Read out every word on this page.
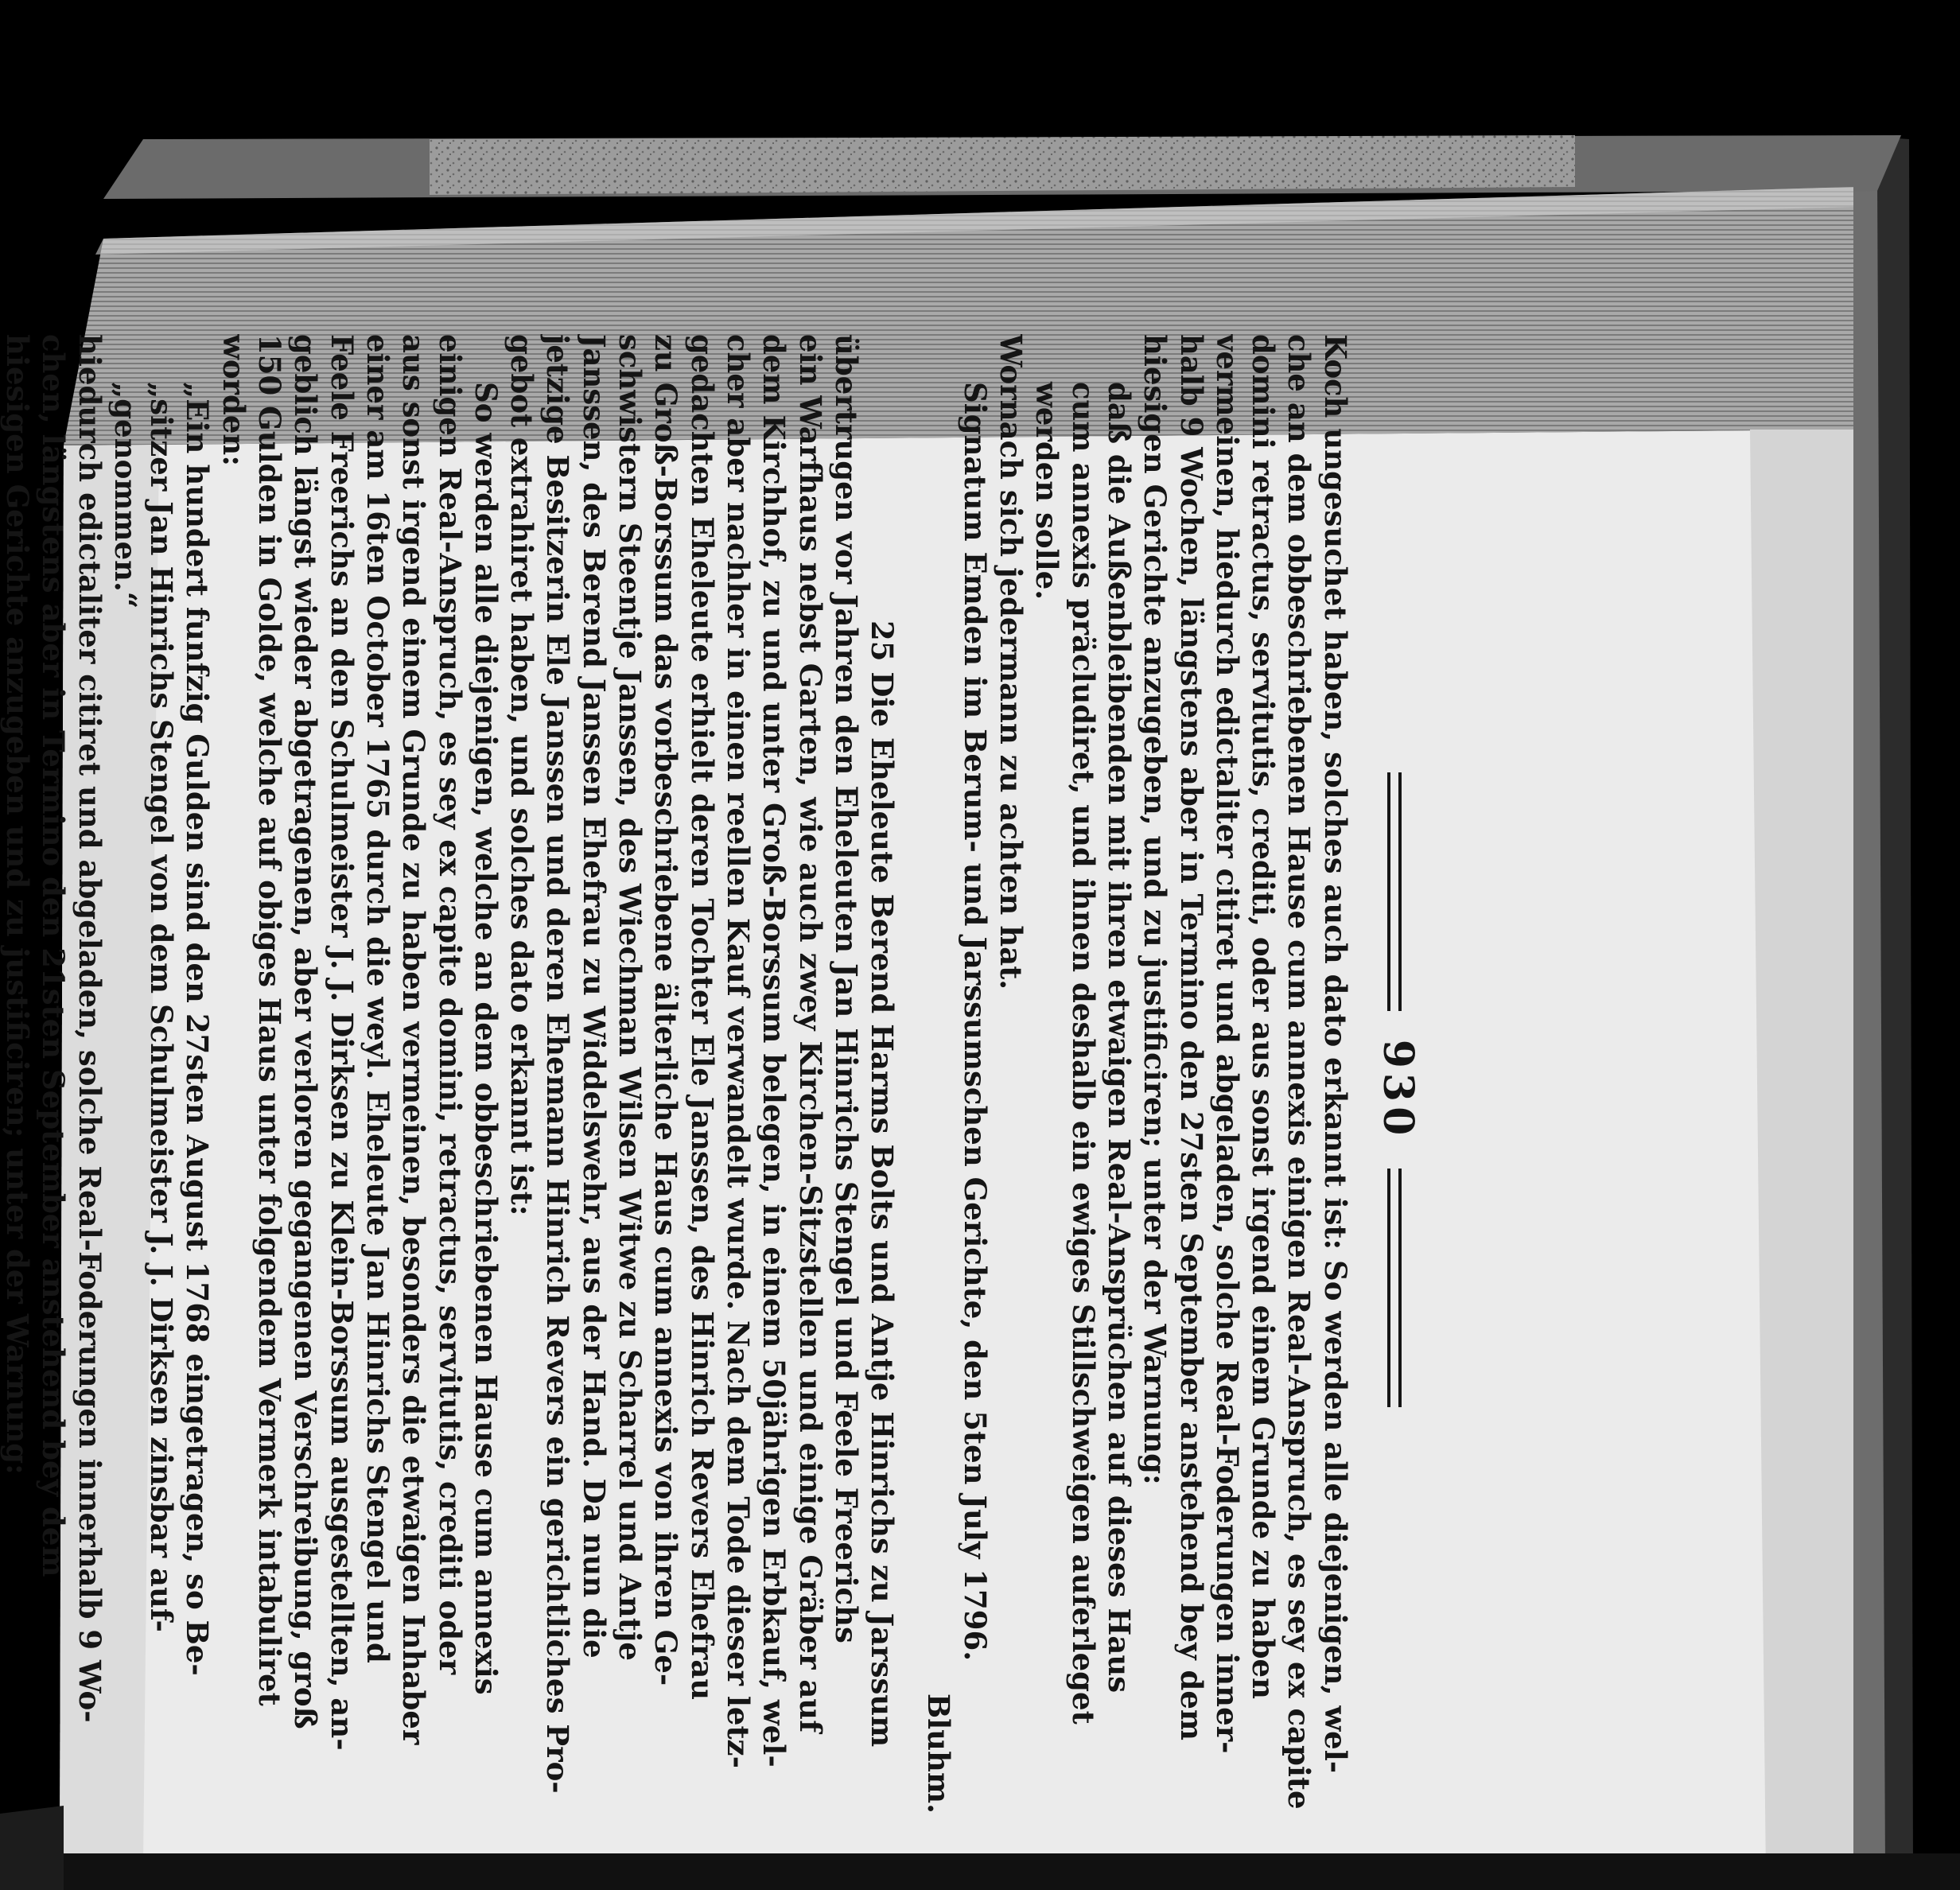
930
Koch ungesuchet haben, solches auch dato erkannt ist: So werden alle diejenigen, wel-
che an dem obbeschriebenen Hause cum annexis einigen Real-Anspruch, es sey ex capite
domini retractus, servitutis, crediti, oder aus sonst irgend einem Grunde zu haben
vermeinen, hiedurch edictaliter citiret und abgeladen, solche Real-Foderungen inner-
halb 9 Wochen, längstens aber in Termino den 27sten September anstehend bey dem
hiesigen Gerichte anzugeben, und zu justificiren; unter der Warnung:
daß die Außenbleibenden mit ihren etwaigen Real-Ansprüchen auf dieses Haus
cum annexis präcludiret, und ihnen deshalb ein ewiges Stillschweigen auferleget
werden solle.
Wornach sich jedermann zu achten hat.
Signatum Emden im Berum- und Jarssumschen Gerichte, den 5ten July 1796.
Bluhm.
25 Die Eheleute Berend Harms Bolts und Antje Hinrichs zu Jarssum
übertrugen vor Jahren den Eheleuten Jan Hinrichs Stengel und Feele Freerichs
ein Warfhaus nebst Garten, wie auch zwey Kirchen-Sitzstellen und einige Gräber auf
dem Kirchhof, zu und unter Groß-Borssum belegen, in einem 50jährigen Erbkauf, wel-
cher aber nachher in einen reellen Kauf verwandelt wurde. Nach dem Tode dieser letz-
gedachten Eheleute erhielt deren Tochter Ele Janssen, des Hinrich Revers Ehefrau
zu Groß-Borssum das vorbeschriebene älterliche Haus cum annexis von ihren Ge-
schwistern Steentje Janssen, des Wiechman Wilsen Witwe zu Scharrel und Antje
Janssen, des Berend Janssen Ehefrau zu Widdelswehr, aus der Hand. Da nun die
jetzige Besitzerin Ele Janssen und deren Ehemann Hinrich Revers ein gerichtliches Pro-
gebot extrahiret haben, und solches dato erkannt ist:
So werden alle diejenigen, welche an dem obbeschriebenen Hause cum annexis
einigen Real-Anspruch, es sey ex capite domini, retractus, servitutis, crediti oder
aus sonst irgend einem Grunde zu haben vermeinen, besonders die etwaigen Inhaber
einer am 16ten October 1765 durch die weyl. Eheleute Jan Hinrichs Stengel und
Feele Freerichs an den Schulmeister J. J. Dirksen zu Klein-Borssum ausgestellten, an-
geblich längst wieder abgetragenen, aber verloren gegangenen Verschreibung, groß
150 Gulden in Golde, welche auf obiges Haus unter folgendem Vermerk intabuliret
worden:
„Ein hundert funfzig Gulden sind den 27sten August 1768 eingetragen, so Be-
„sitzer Jan Hinrichs Stengel von dem Schulmeister J. J. Dirksen zinsbar auf-
„genommen.“
hiedurch edictaliter citiret und abgeladen, solche Real-Foderungen innerhalb 9 Wo-
chen, längstens aber in Termino den 21sten September anstehend bey dem
hiesigen Gerichte anzugeben und zu justificiren; unter der Warnung:
